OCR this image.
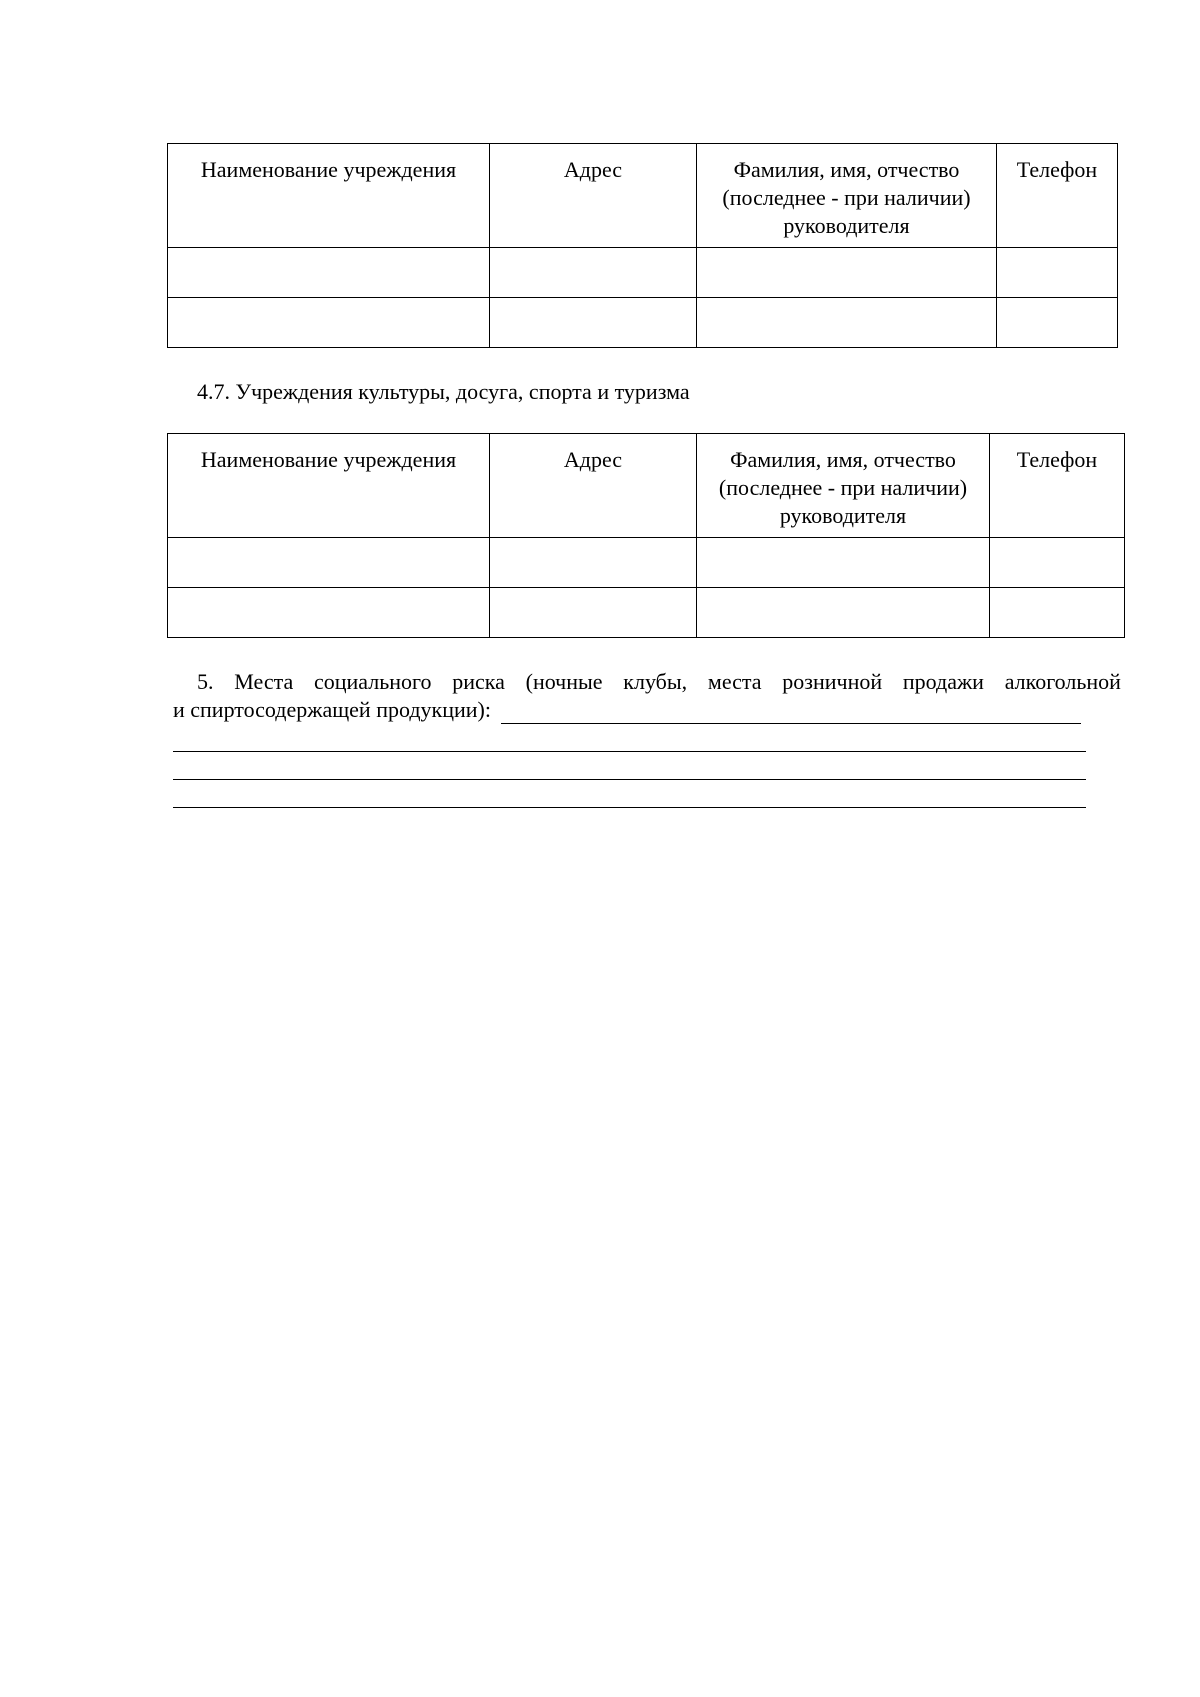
Наименование учреждения	Адрес	Фамилия, имя, отчество (последнее - при наличии) руководителя	Телефон

4.7. Учреждения культуры, досуга, спорта и туризма
Наименование учреждения	Адрес	Фамилия, имя, отчество (последнее - при наличии) руководителя	Телефон

5. Места социального риска (ночные клубы, места розничной продажи алкогольной
и спиртосодержащей продукции):
